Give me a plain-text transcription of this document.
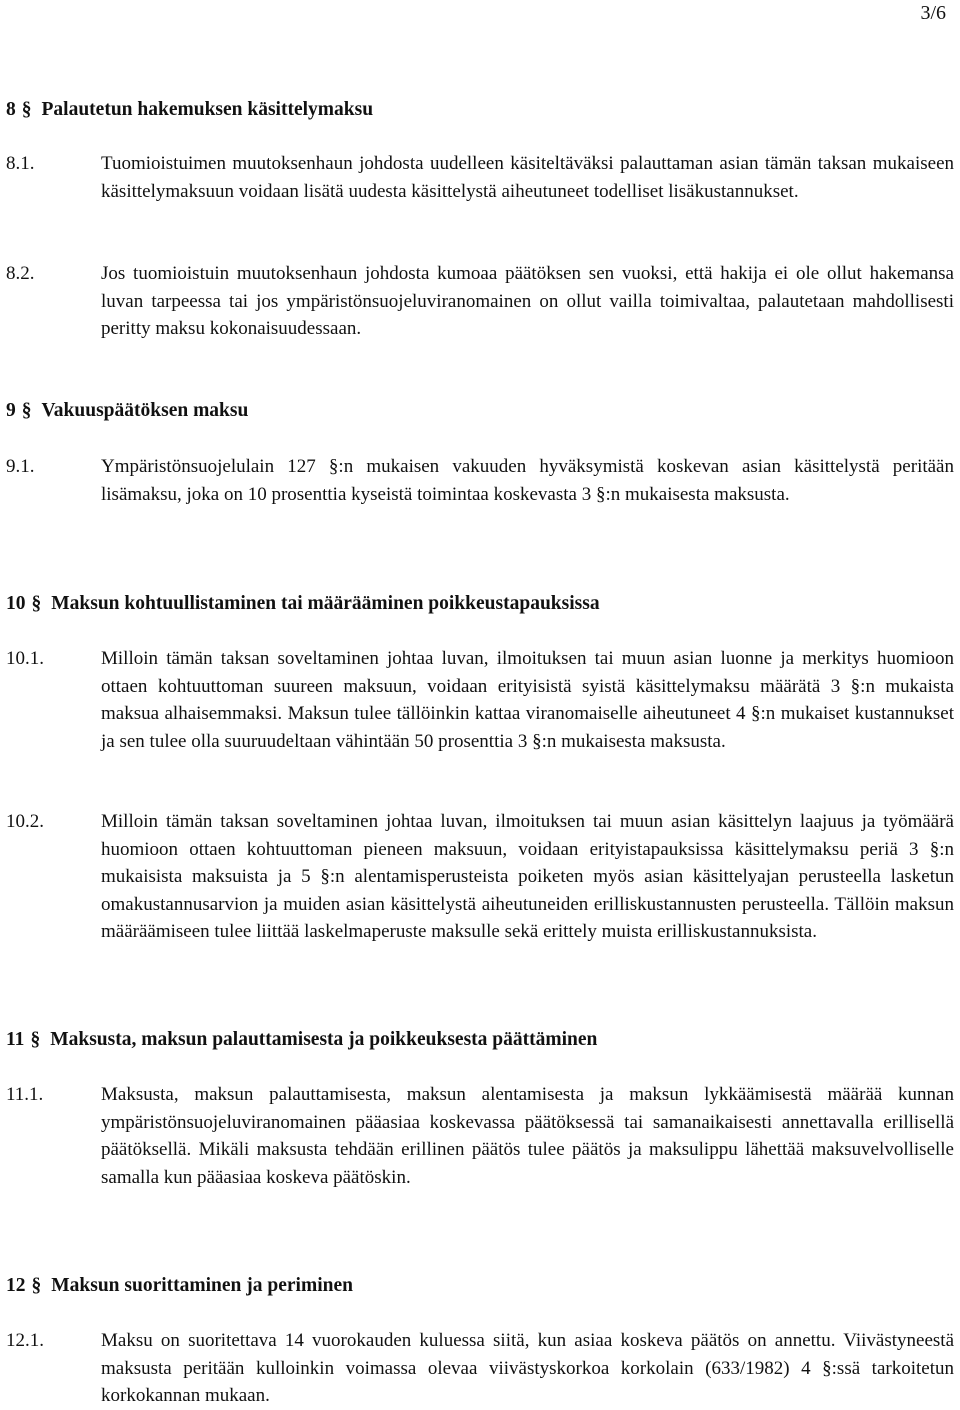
3/6
8 § Palautetun hakemuksen käsittelymaksu
8.1.	Tuomioistuimen muutoksenhaun johdosta uudelleen käsiteltäväksi palauttaman asian tämän taksan mukaiseen käsittelymaksuun voidaan lisätä uudesta käsittelystä aiheutuneet todelliset lisäkustannukset.
8.2.	Jos tuomioistuin muutoksenhaun johdosta kumoaa päätöksen sen vuoksi, että hakija ei ole ollut hakemansa luvan tarpeessa tai jos ympäristönsuojeluviranomainen on ollut vailla toimivaltaa, palautetaan mahdollisesti peritty maksu kokonaisuudessaan.
9 § Vakuuspäätöksen maksu
9.1.	Ympäristönsuojelulain 127 §:n mukaisen vakuuden hyväksymistä koskevan asian käsittelystä peritään lisämaksu, joka on 10 prosenttia kyseistä toimintaa koskevasta 3 §:n mukaisesta maksusta.
10 § Maksun kohtuullistaminen tai määrääminen poikkeustapauksissa
10.1.	Milloin tämän taksan soveltaminen johtaa luvan, ilmoituksen tai muun asian luonne ja merkitys huomioon ottaen kohtuuttoman suureen maksuun, voidaan erityisistä syistä käsittelymaksu määrätä 3 §:n mukaista maksua alhaisemmaksi. Maksun tulee tällöinkin kattaa viranomaiselle aiheutuneet 4 §:n mukaiset kustannukset ja sen tulee olla suuruudeltaan vähintään 50 prosenttia 3 §:n mukaisesta maksusta.
10.2.	Milloin tämän taksan soveltaminen johtaa luvan, ilmoituksen tai muun asian käsittelyn laajuus ja työmäärä huomioon ottaen kohtuuttoman pieneen maksuun, voidaan erityistapauksissa käsittelymaksu periä 3 §:n mukaisista maksuista ja 5 §:n alentamisperusteista poiketen myös asian käsittelyajan perusteella lasketun omakustannusarvion ja muiden asian käsittelystä aiheutuneiden erilliskustannusten perusteella. Tällöin maksun määräämiseen tulee liittää laskelmaperuste maksulle sekä erittely muista erilliskustannuksista.
11 § Maksusta, maksun palauttamisesta ja poikkeuksesta päättäminen
11.1.	Maksusta, maksun palauttamisesta, maksun alentamisesta ja maksun lykkäämisestä määrää kunnan ympäristönsuojeluviranomainen pääasiaa koskevassa päätöksessä tai samanaikaisesti annettavalla erillisellä päätöksellä. Mikäli maksusta tehdään erillinen päätös tulee päätös ja maksulippu lähettää maksuvelvolliselle samalla kun pääasiaa koskeva päätöskin.
12 § Maksun suorittaminen ja periminen
12.1.	Maksu on suoritettava 14 vuorokauden kuluessa siitä, kun asiaa koskeva päätös on annettu. Viivästyneestä maksusta peritään kulloinkin voimassa olevaa viivästyskorkoa korkolain (633/1982) 4 §:ssä tarkoitetun korkokannan mukaan.
